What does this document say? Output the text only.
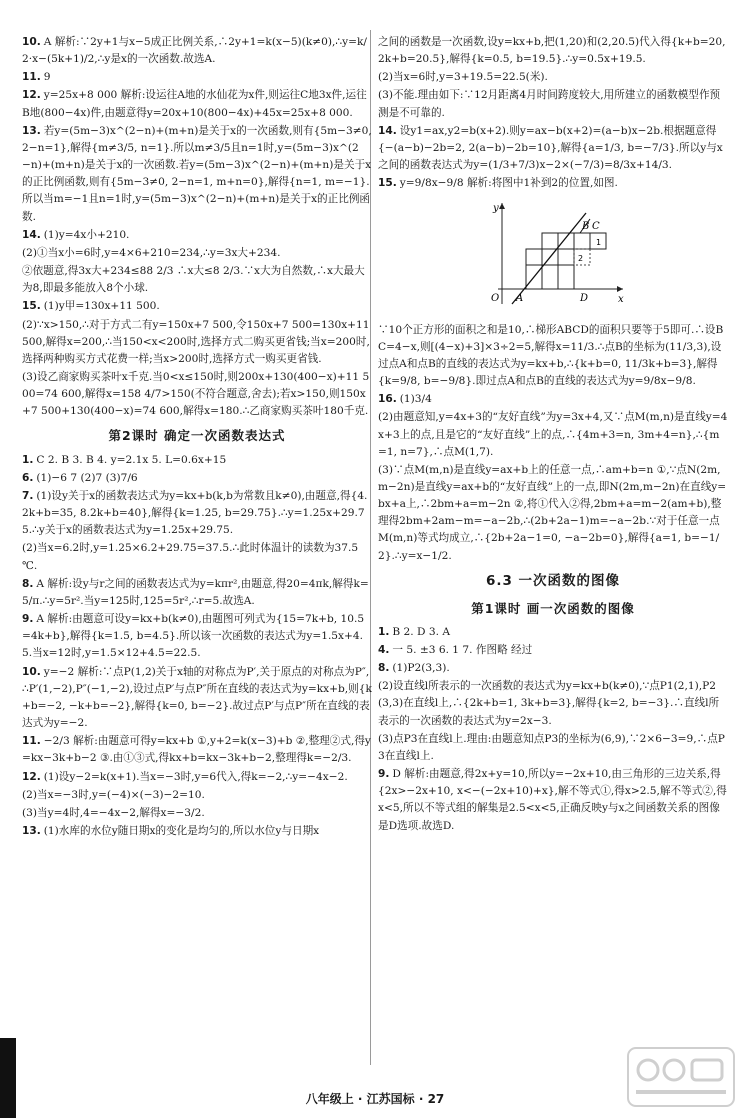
10. A 解析:∵2y+1与x−5成正比例关系,∴2y+1=k(x−5)(k≠0),∴y=k/2·x−(5k+1)/2,∴y是x的一次函数.故选A.
11. 9
12. y=25x+8 000 解析:设运往A地的水仙花为x件,则运往C地3x件,运往B地(800−4x)件,由题意得y=20x+10(800−4x)+45x=25x+8 000.
13. 若y=(5m−3)x^(2−n)+(m+n)是关于x的一次函数,则有{5m−3≠0, 2−n=1},解得{m≠3/5, n=1}.所以m≠3/5且n=1时,y=(5m−3)x^(2−n)+(m+n)是关于x的一次函数.若y=(5m−3)x^(2−n)+(m+n)是关于x的正比例函数,则有{5m−3≠0, 2−n=1, m+n=0},解得{n=1, m=−1}.所以当m=−1且n=1时,y=(5m−3)x^(2−n)+(m+n)是关于x的正比例函数.
14. (1)y=4x小+210.
(2)①当x小=6时,y=4×6+210=234,∴y=3x大+234.
②依题意,得3x大+234≤88 2/3 ∴x大≤8 2/3.∵x大为自然数,∴x大最大为8,即最多能放入8个小球.
15. (1)y甲=130x+11 500.
(2)∵x>150,∴对于方式二有y=150x+7 500,令150x+7 500=130x+11 500,解得x=200,∴当150<x<200时,选择方式二购买更省钱;当x=200时,选择两种购买方式花费一样;当x>200时,选择方式一购买更省钱.
(3)设乙商家购买茶叶x千克.当0<x≤150时,则200x+130(400−x)+11 500=74 600,解得x=158 4/7>150(不符合题意,舍去);若x>150,则150x+7 500+130(400−x)=74 600,解得x=180.∴乙商家购买茶叶180千克.
第2课时 确定一次函数表达式
1. C 2. B 3. B 4. y=2.1x 5. L=0.6x+15
6. (1)−6 7 (2)7 (3)7/6
7. (1)设y关于x的函数表达式为y=kx+b(k,b为常数且k≠0),由题意,得{4.2k+b=35, 8.2k+b=40},解得{k=1.25, b=29.75}.∴y=1.25x+29.75.∴y关于x的函数表达式为y=1.25x+29.75.
(2)当x=6.2时,y=1.25×6.2+29.75=37.5.∴此时体温计的读数为37.5 ℃.
8. A 解析:设y与r之间的函数表达式为y=kπr²,由题意,得20=4πk,解得k=5/π.∴y=5r².当y=125时,125=5r²,∴r=5.故选A.
9. A 解析:由题意可设y=kx+b(k≠0),由题图可列式为{15=7k+b, 10.5=4k+b},解得{k=1.5, b=4.5}.所以该一次函数的表达式为y=1.5x+4.5.当x=12时,y=1.5×12+4.5=22.5.
10. y=−2 解析:∵点P(1,2)关于x轴的对称点为P′,关于原点的对称点为P″,∴P′(1,−2),P″(−1,−2),设过点P′与点P″所在直线的表达式为y=kx+b,则{k+b=−2, −k+b=−2},解得{k=0, b=−2}.故过点P′与点P″所在直线的表达式为y=−2.
11. −2/3 解析:由题意可得y=kx+b ①,y+2=k(x−3)+b ②,整理②式,得y=kx−3k+b−2 ③.由①③式,得kx+b=kx−3k+b−2,整理得k=−2/3.
12. (1)设y−2=k(x+1).当x=−3时,y=6代入,得k=−2,∴y=−4x−2.
(2)当x=−3时,y=(−4)×(−3)−2=10.
(3)当y=4时,4=−4x−2,解得x=−3/2.
13. (1)水库的水位y随日期x的变化是均匀的,所以水位y与日期x
之间的函数是一次函数,设y=kx+b,把(1,20)和(2,20.5)代入得{k+b=20, 2k+b=20.5},解得{k=0.5, b=19.5}.∴y=0.5x+19.5.
(2)当x=6时,y=3+19.5=22.5(米).
(3)不能.理由如下:∵12月距离4月时间跨度较大,用所建立的函数模型作预测是不可靠的.
14. 设y1=ax,y2=b(x+2).则y=ax−b(x+2)=(a−b)x−2b.根据题意得{−(a−b)−2b=2, 2(a−b)−2b=10},解得{a=1/3, b=−7/3}.所以y与x之间的函数表达式为y=(1/3+7/3)x−2×(−7/3)=8/3x+14/3.
15. y=9/8x−9/8 解析:将图中1补到2的位置,如图.
y
x
O A
B C
D
1
2
∵10个正方形的面积之和是10,∴梯形ABCD的面积只要等于5即可.∴设BC=4−x,则[(4−x)+3]×3÷2=5,解得x=11/3.∴点B的坐标为(11/3,3),设过点A和点B的直线的表达式为y=kx+b,∴{k+b=0, 11/3k+b=3},解得{k=9/8, b=−9/8}.即过点A和点B的直线的表达式为y=9/8x−9/8.
16. (1)3/4
(2)由题意知,y=4x+3的“友好直线”为y=3x+4,又∵点M(m,n)是直线y=4x+3上的点,且是它的“友好直线”上的点,∴{4m+3=n, 3m+4=n},∴{m=1, n=7},∴点M(1,7).
(3)∵点M(m,n)是直线y=ax+b上的任意一点,∴am+b=n ①,∵点N(2m,m−2n)是直线y=ax+b的“友好直线”上的一点,即N(2m,m−2n)在直线y=bx+a上,∴2bm+a=m−2n ②,将①代入②得,2bm+a=m−2(am+b),整理得2bm+2am−m=−a−2b,∴(2b+2a−1)m=−a−2b.∵对于任意一点M(m,n)等式均成立,∴{2b+2a−1=0, −a−2b=0},解得{a=1, b=−1/2}.∴y=x−1/2.
6.3 一次函数的图像
第1课时 画一次函数的图像
1. B 2. D 3. A
4. 一 5. ±3 6. 1 7. 作图略 经过
8. (1)P2(3,3).
(2)设直线l所表示的一次函数的表达式为y=kx+b(k≠0),∵点P1(2,1),P2(3,3)在直线l上,∴{2k+b=1, 3k+b=3},解得{k=2, b=−3}.∴直线l所表示的一次函数的表达式为y=2x−3.
(3)点P3在直线l上.理由:由题意知点P3的坐标为(6,9),∵2×6−3=9,∴点P3在直线l上.
9. D 解析:由题意,得2x+y=10,所以y=−2x+10,由三角形的三边关系,得{2x>−2x+10, x<−(−2x+10)+x},解不等式①,得x>2.5,解不等式②,得x<5,所以不等式组的解集是2.5<x<5,正确反映y与x之间函数关系的图像是D选项.故选D.
八年级上 · 江苏国标 · 27
